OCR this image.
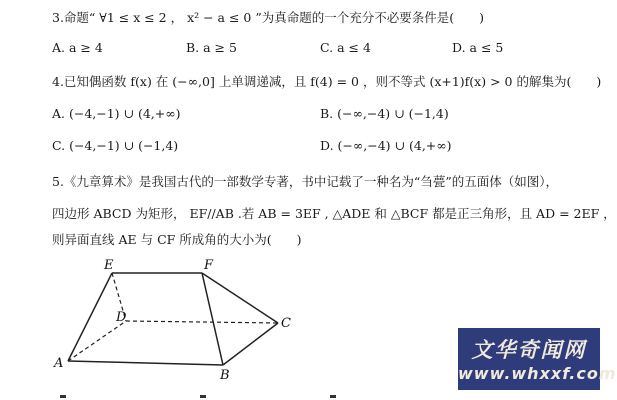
3.命题“ ∀1 ≤ x ≤ 2 ， x² − a ≤ 0 ”为真命题的一个充分不必要条件是(　　)
A. a ≥ 4	B. a ≥ 5	C. a ≤ 4	D. a ≤ 5
4.已知偶函数 f(x) 在 (−∞,0] 上单调递减，且 f(4) = 0 ，则不等式 (x+1)f(x) > 0 的解集为(　　)
A. (−4,−1) ∪ (4,+∞)	B. (−∞,−4) ∪ (−1,4)
C. (−4,−1) ∪ (−1,4)	D. (−∞,−4) ∪ (4,+∞)
5.《九章算术》是我国古代的一部数学专著，书中记载了一种名为“刍甍”的五面体（如图），
四边形 ABCD 为矩形， EF//AB .若 AB = 3EF , △ADE 和 △BCF 都是正三角形，且 AD = 2EF ，
则异面直线 AE 与 CF 所成角的大小为(　　)
E	F
D	C
A
B
文华奇闻网
www.whxxf.com
